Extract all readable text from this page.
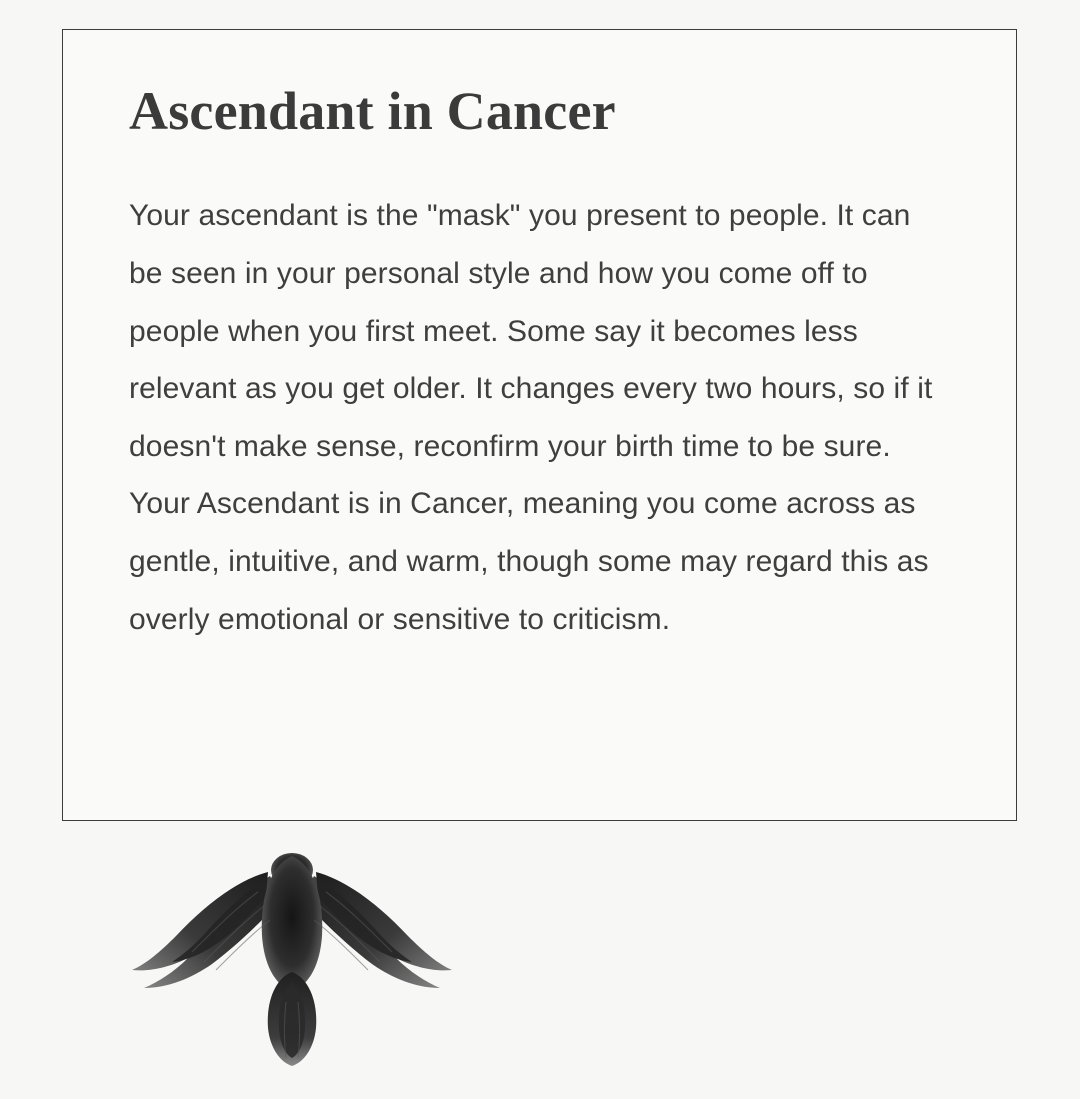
Ascendant in Cancer

Your ascendant is the "mask" you present to people. It can be seen in your personal style and how you come off to people when you first meet. Some say it becomes less relevant as you get older. It changes every two hours, so if it doesn't make sense, reconfirm your birth time to be sure. Your Ascendant is in Cancer, meaning you come across as gentle, intuitive, and warm, though some may regard this as overly emotional or sensitive to criticism.
